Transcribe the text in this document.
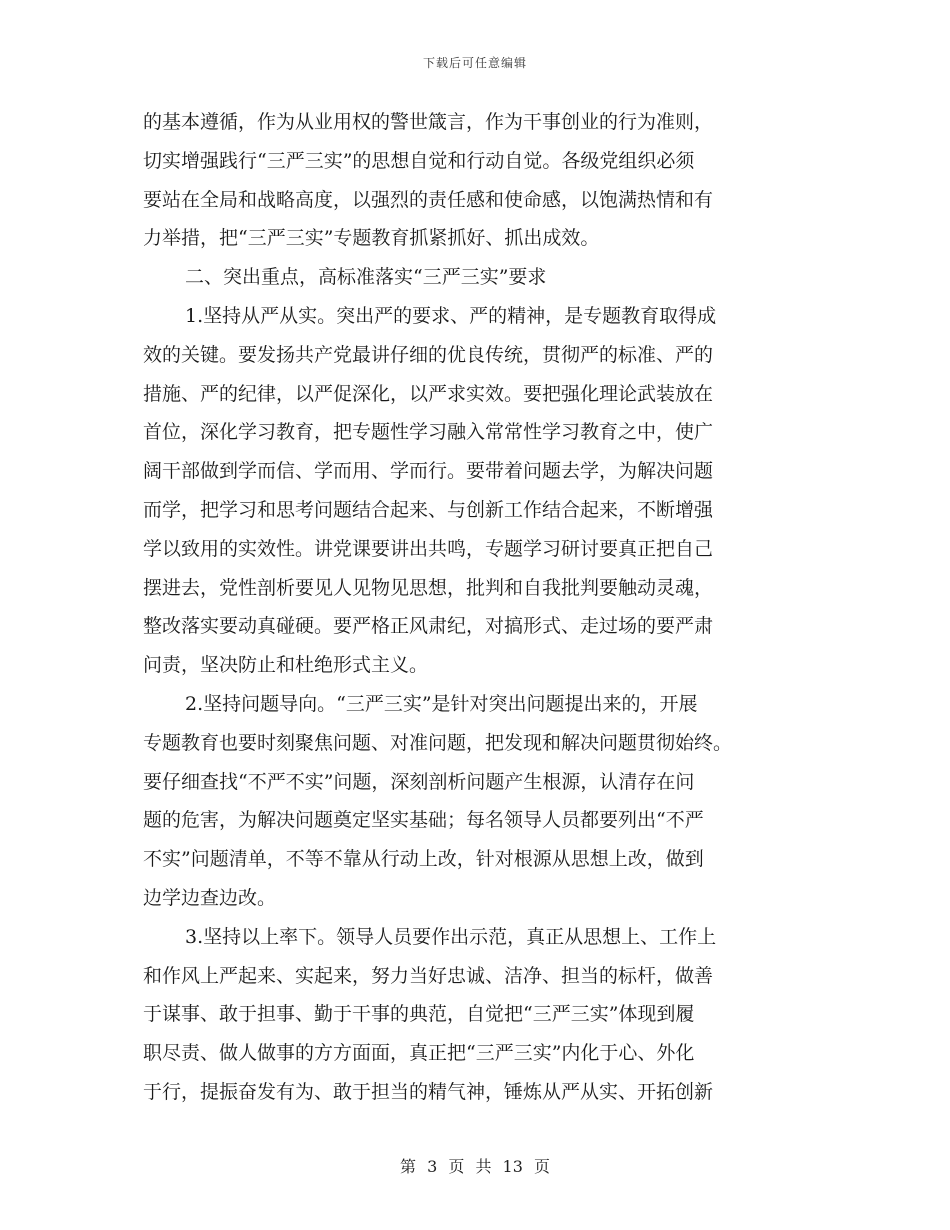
下载后可任意编辑
的基本遵循，作为从业用权的警世箴言，作为干事创业的行为准则，
切实增强践行“三严三实”的思想自觉和行动自觉。各级党组织必须
要站在全局和战略高度，以强烈的责任感和使命感，以饱满热情和有
力举措，把“三严三实”专题教育抓紧抓好、抓出成效。
二、突出重点，高标准落实“三严三实”要求
1.坚持从严从实。突出严的要求、严的精神，是专题教育取得成
效的关键。要发扬共产党最讲仔细的优良传统，贯彻严的标准、严的
措施、严的纪律，以严促深化，以严求实效。要把强化理论武装放在
首位，深化学习教育，把专题性学习融入常常性学习教育之中，使广
阔干部做到学而信、学而用、学而行。要带着问题去学，为解决问题
而学，把学习和思考问题结合起来、与创新工作结合起来，不断增强
学以致用的实效性。讲党课要讲出共鸣，专题学习研讨要真正把自己
摆进去，党性剖析要见人见物见思想，批判和自我批判要触动灵魂，
整改落实要动真碰硬。要严格正风肃纪，对搞形式、走过场的要严肃
问责，坚决防止和杜绝形式主义。
2.坚持问题导向。“三严三实”是针对突出问题提出来的，开展
专题教育也要时刻聚焦问题、对准问题，把发现和解决问题贯彻始终。
要仔细查找“不严不实”问题，深刻剖析问题产生根源，认清存在问
题的危害，为解决问题奠定坚实基础；每名领导人员都要列出“不严
不实”问题清单，不等不靠从行动上改，针对根源从思想上改，做到
边学边查边改。
3.坚持以上率下。领导人员要作出示范，真正从思想上、工作上
和作风上严起来、实起来，努力当好忠诚、洁净、担当的标杆，做善
于谋事、敢于担事、勤于干事的典范，自觉把“三严三实”体现到履
职尽责、做人做事的方方面面，真正把“三严三实”内化于心、外化
于行，提振奋发有为、敢于担当的精气神，锤炼从严从实、开拓创新
第 3 页 共 13 页
